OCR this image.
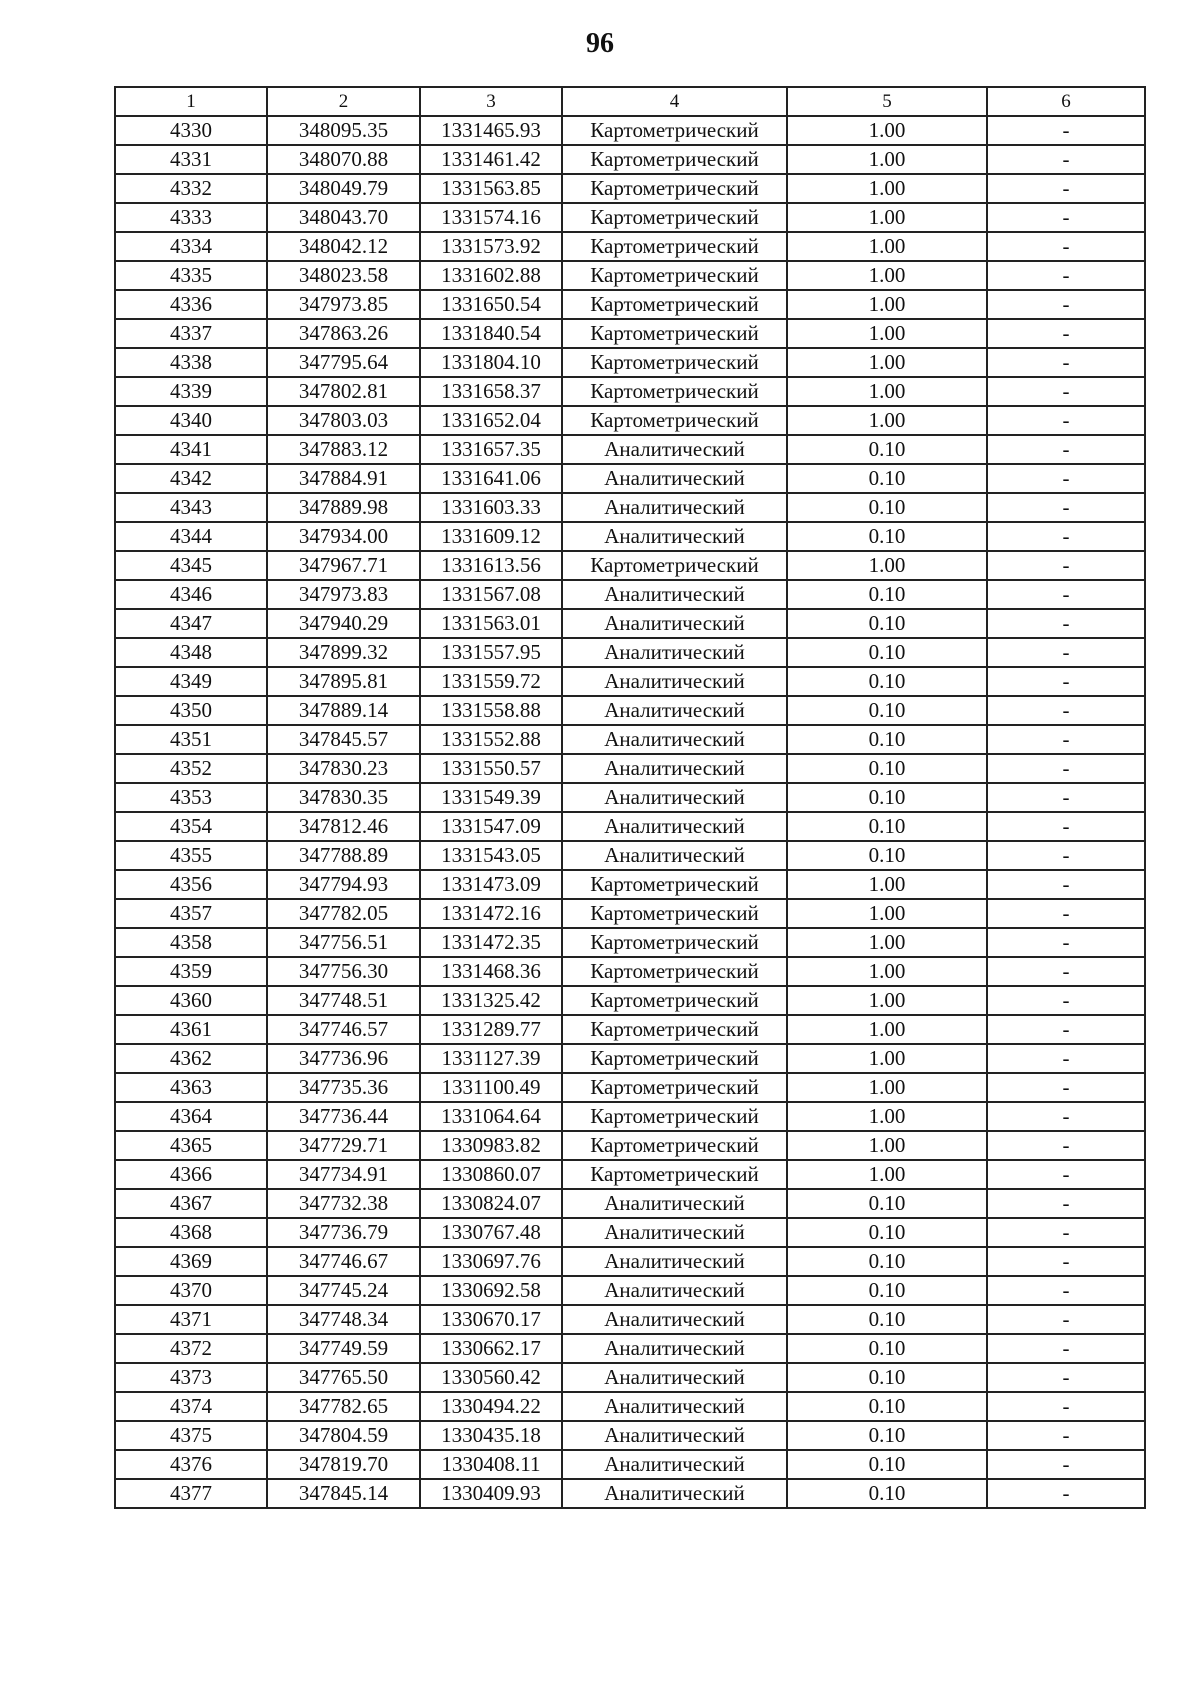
96
1	2	3	4	5	6
4330	348095.35	1331465.93	Картометрический	1.00	-
4331	348070.88	1331461.42	Картометрический	1.00	-
4332	348049.79	1331563.85	Картометрический	1.00	-
4333	348043.70	1331574.16	Картометрический	1.00	-
4334	348042.12	1331573.92	Картометрический	1.00	-
4335	348023.58	1331602.88	Картометрический	1.00	-
4336	347973.85	1331650.54	Картометрический	1.00	-
4337	347863.26	1331840.54	Картометрический	1.00	-
4338	347795.64	1331804.10	Картометрический	1.00	-
4339	347802.81	1331658.37	Картометрический	1.00	-
4340	347803.03	1331652.04	Картометрический	1.00	-
4341	347883.12	1331657.35	Аналитический	0.10	-
4342	347884.91	1331641.06	Аналитический	0.10	-
4343	347889.98	1331603.33	Аналитический	0.10	-
4344	347934.00	1331609.12	Аналитический	0.10	-
4345	347967.71	1331613.56	Картометрический	1.00	-
4346	347973.83	1331567.08	Аналитический	0.10	-
4347	347940.29	1331563.01	Аналитический	0.10	-
4348	347899.32	1331557.95	Аналитический	0.10	-
4349	347895.81	1331559.72	Аналитический	0.10	-
4350	347889.14	1331558.88	Аналитический	0.10	-
4351	347845.57	1331552.88	Аналитический	0.10	-
4352	347830.23	1331550.57	Аналитический	0.10	-
4353	347830.35	1331549.39	Аналитический	0.10	-
4354	347812.46	1331547.09	Аналитический	0.10	-
4355	347788.89	1331543.05	Аналитический	0.10	-
4356	347794.93	1331473.09	Картометрический	1.00	-
4357	347782.05	1331472.16	Картометрический	1.00	-
4358	347756.51	1331472.35	Картометрический	1.00	-
4359	347756.30	1331468.36	Картометрический	1.00	-
4360	347748.51	1331325.42	Картометрический	1.00	-
4361	347746.57	1331289.77	Картометрический	1.00	-
4362	347736.96	1331127.39	Картометрический	1.00	-
4363	347735.36	1331100.49	Картометрический	1.00	-
4364	347736.44	1331064.64	Картометрический	1.00	-
4365	347729.71	1330983.82	Картометрический	1.00	-
4366	347734.91	1330860.07	Картометрический	1.00	-
4367	347732.38	1330824.07	Аналитический	0.10	-
4368	347736.79	1330767.48	Аналитический	0.10	-
4369	347746.67	1330697.76	Аналитический	0.10	-
4370	347745.24	1330692.58	Аналитический	0.10	-
4371	347748.34	1330670.17	Аналитический	0.10	-
4372	347749.59	1330662.17	Аналитический	0.10	-
4373	347765.50	1330560.42	Аналитический	0.10	-
4374	347782.65	1330494.22	Аналитический	0.10	-
4375	347804.59	1330435.18	Аналитический	0.10	-
4376	347819.70	1330408.11	Аналитический	0.10	-
4377	347845.14	1330409.93	Аналитический	0.10	-
